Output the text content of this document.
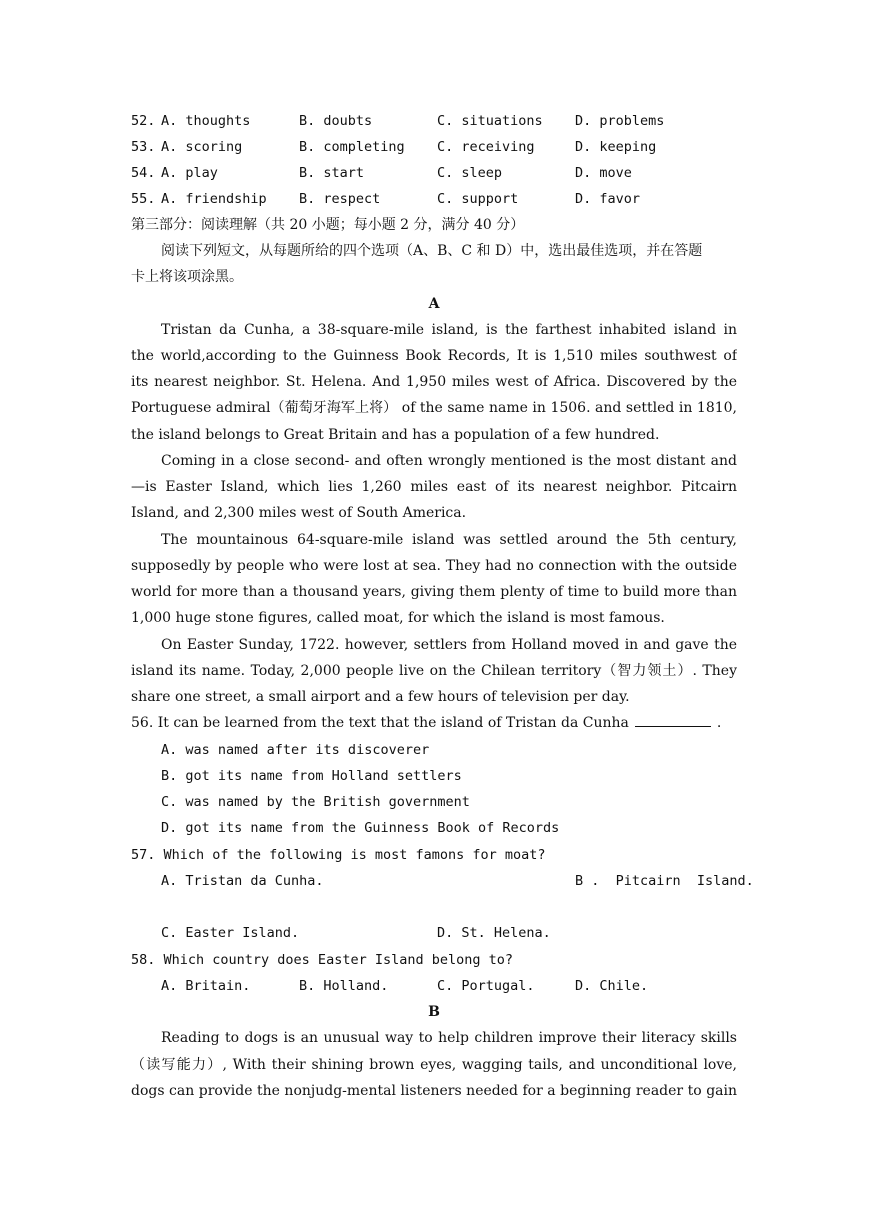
52. A. thoughts	B. doubts	C. situations D. problems
53. A. scoring	B. completing C. receiving	D. keeping
54. A. play	B. start	C. sleep	D. move
55. A. friendship B. respect	C. support	D. favor
第三部分：阅读理解（共 20 小题；每小题 2 分，满分 40 分）
阅读下列短文，从每题所给的四个选项（A、B、C 和 D）中，选出最佳选项，并在答题
卡上将该项涂黑。
A
Tristan da Cunha, a 38-square-mile island, is the farthest inhabited island in
the world,according to the Guinness Book Records, It is 1,510 miles southwest of
its nearest neighbor. St. Helena. And 1,950 miles west of Africa. Discovered by the
Portuguese admiral（葡萄牙海军上将） of the same name in 1506. and settled in 1810,
the island belongs to Great Britain and has a population of a few hundred.
Coming in a close second- and often wrongly mentioned is the most distant and
—is Easter Island, which lies 1,260 miles east of its nearest neighbor. Pitcairn
Island, and 2,300 miles west of South America.
The mountainous 64-square-mile island was settled around the 5th century,
supposedly by people who were lost at sea. They had no connection with the outside
world for more than a thousand years, giving them plenty of time to build more than
1,000 huge stone figures, called moat, for which the island is most famous.
On Easter Sunday, 1722. however, settlers from Holland moved in and gave the
island its name. Today, 2,000 people live on the Chilean territory（智力领土）. They
share one street, a small airport and a few hours of television per day.
56. It can be learned from the text that the island of Tristan da Cunha	.
A. was named after its discoverer
B. got its name from Holland settlers
C. was named by the British government
D. got its name from the Guinness Book of Records
57. Which of the following is most famons for moat?
A. Tristan da Cunha.	B .  Pitcairn  Island.
C. Easter Island.	D. St. Helena.
58. Which country does Easter Island belong to?
A. Britain.	B. Holland.	C. Portugal.	D. Chile.
B
Reading to dogs is an unusual way to help children improve their literacy skills
（读写能力）, With their shining brown eyes, wagging tails, and unconditional love,
dogs can provide the nonjudg-mental listeners needed for a beginning reader to gain
